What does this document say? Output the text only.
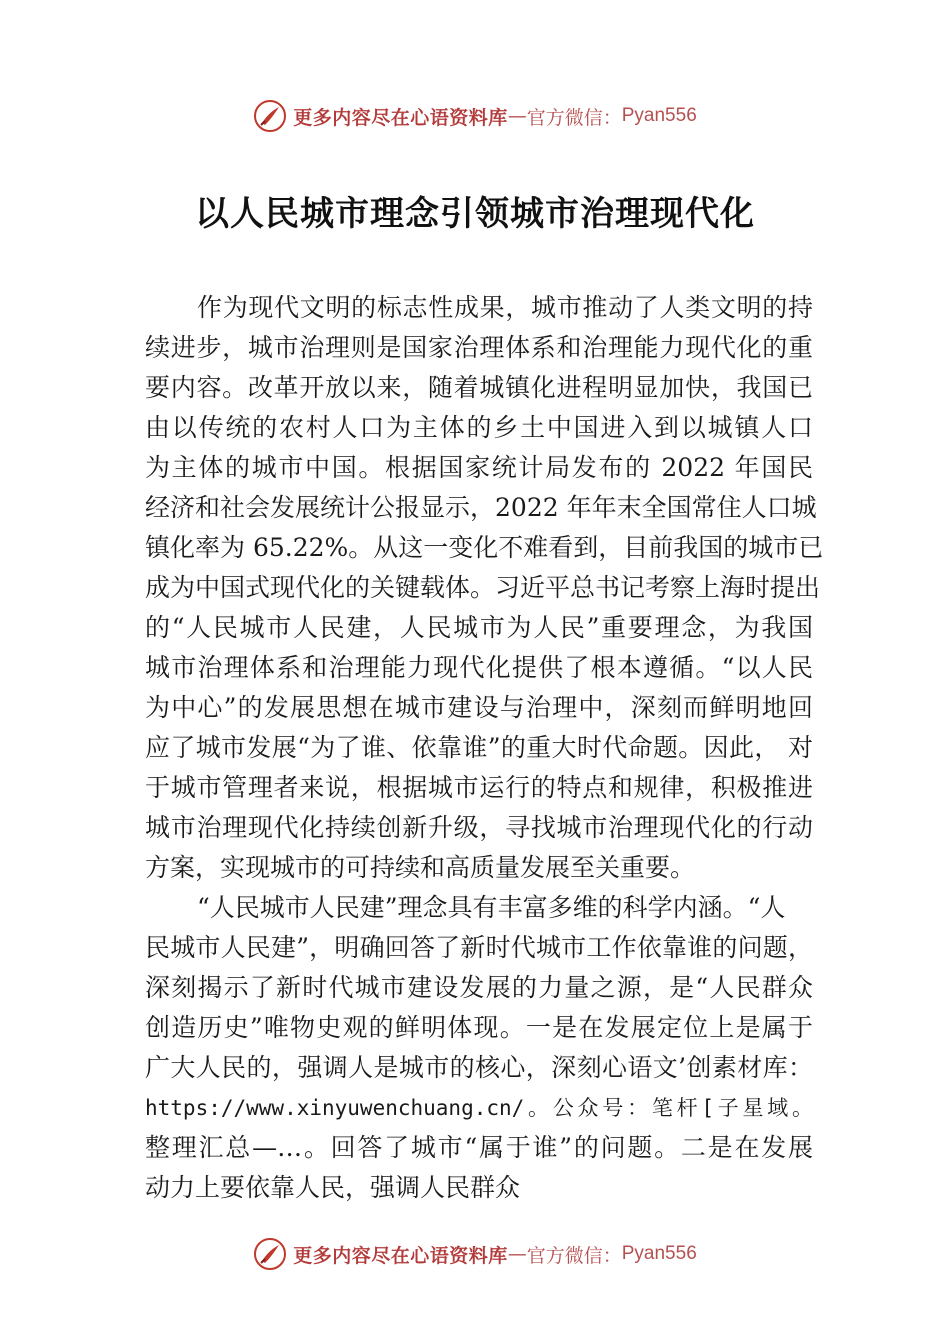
更多内容尽在心语资料库 — 官方微信： Pyan556
以人民城市理念引领城市治理现代化
作为现代文明的标志性成果，城市推动了人类文明的持
续进步，城市治理则是国家治理体系和治理能力现代化的重
要内容。改革开放以来，随着城镇化进程明显加快，我国已
由以传统的农村人口为主体的乡土中国进入到以城镇人口
为主体的城市中国。根据国家统计局发布的 2022 年国民
经济和社会发展统计公报显示，2022 年年末全国常住人口城
镇化率为 65.22%。从这一变化不难看到，目前我国的城市已
成为中国式现代化的关键载体。习近平总书记考察上海时提出
的“人民城市人民建，人民城市为人民”重要理念，为我国
城市治理体系和治理能力现代化提供了根本遵循。“以人民
为中心”的发展思想在城市建设与治理中，深刻而鲜明地回
应了城市发展“为了谁、依靠谁”的重大时代命题。因此， 对
于城市管理者来说，根据城市运行的特点和规律，积极推进
城市治理现代化持续创新升级，寻找城市治理现代化的行动
方案，实现城市的可持续和高质量发展至关重要。
“人民城市人民建”理念具有丰富多维的科学内涵。“人
民城市人民建”，明确回答了新时代城市工作依靠谁的问题，
深刻揭示了新时代城市建设发展的力量之源，是“人民群众
创造历史”唯物史观的鲜明体现。一是在发展定位上是属于
广大人民的，强调人是城市的核心，深刻心语文’创素材库：
https://www.xinyuwenchuang.cn/。公众号：笔杆[子星域。
整理汇总—…。回答了城市“属于谁”的问题。二是在发展
动力上要依靠人民，强调人民群众
更多内容尽在心语资料库 — 官方微信： Pyan556
